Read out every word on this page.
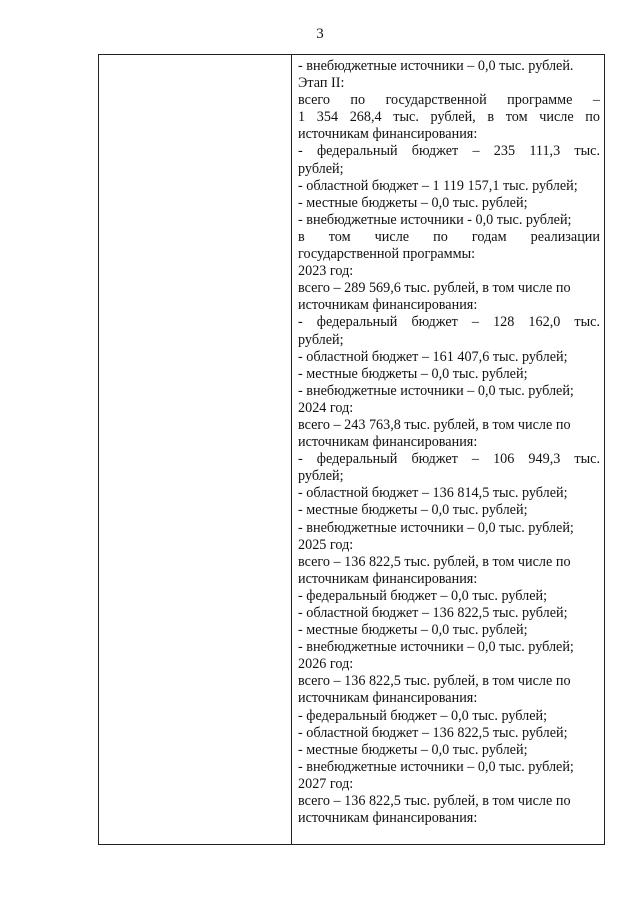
3
- внебюджетные источники – 0,0 тыс. рублей.
Этап II:
всего по государственной программе –
1 354 268,4 тыс. рублей, в том числе по
источникам финансирования:
- федеральный бюджет – 235 111,3 тыс.
рублей;
- областной бюджет – 1 119 157,1 тыс. рублей;
- местные бюджеты – 0,0 тыс. рублей;
- внебюджетные источники - 0,0 тыс. рублей;
в том числе по годам реализации
государственной программы:
2023 год:
всего – 289 569,6 тыс. рублей, в том числе по
источникам финансирования:
- федеральный бюджет – 128 162,0 тыс.
рублей;
- областной бюджет – 161 407,6 тыс. рублей;
- местные бюджеты – 0,0 тыс. рублей;
- внебюджетные источники – 0,0 тыс. рублей;
2024 год:
всего – 243 763,8 тыс. рублей, в том числе по
источникам финансирования:
- федеральный бюджет – 106 949,3 тыс.
рублей;
- областной бюджет – 136 814,5 тыс. рублей;
- местные бюджеты – 0,0 тыс. рублей;
- внебюджетные источники – 0,0 тыс. рублей;
2025 год:
всего – 136 822,5 тыс. рублей, в том числе по
источникам финансирования:
- федеральный бюджет – 0,0 тыс. рублей;
- областной бюджет – 136 822,5 тыс. рублей;
- местные бюджеты – 0,0 тыс. рублей;
- внебюджетные источники – 0,0 тыс. рублей;
2026 год:
всего – 136 822,5 тыс. рублей, в том числе по
источникам финансирования:
- федеральный бюджет – 0,0 тыс. рублей;
- областной бюджет – 136 822,5 тыс. рублей;
- местные бюджеты – 0,0 тыс. рублей;
- внебюджетные источники – 0,0 тыс. рублей;
2027 год:
всего – 136 822,5 тыс. рублей, в том числе по
источникам финансирования:
